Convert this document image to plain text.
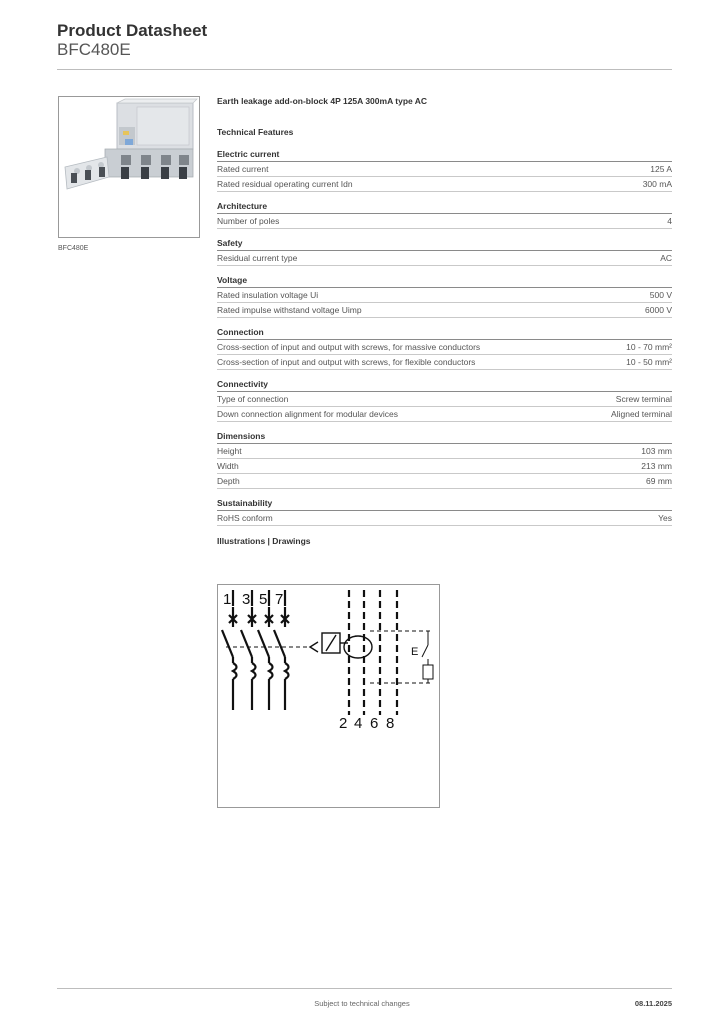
Product Datasheet
BFC480E
BFC480E
Earth leakage add-on-block 4P 125A 300mA type AC
Technical Features
Electric current
Rated current	125 A
Rated residual operating current Idn	300 mA
Architecture
Number of poles	4
Safety
Residual current type	AC
Voltage
Rated insulation voltage Ui	500 V
Rated impulse withstand voltage Uimp	6000 V
Connection
Cross-section of input and output with screws, for massive conductors	10 - 70 mm²
Cross-section of input and output with screws, for flexible conductors	10 - 50 mm²
Connectivity
Type of connection	Screw terminal
Down connection alignment for modular devices	Aligned terminal
Dimensions
Height	103 mm
Width	213 mm
Depth	69 mm
Sustainability
RoHS conform	Yes
Illustrations | Drawings
1 3 5 7
E
2 4 6 8
Subject to technical changes	08.11.2025
